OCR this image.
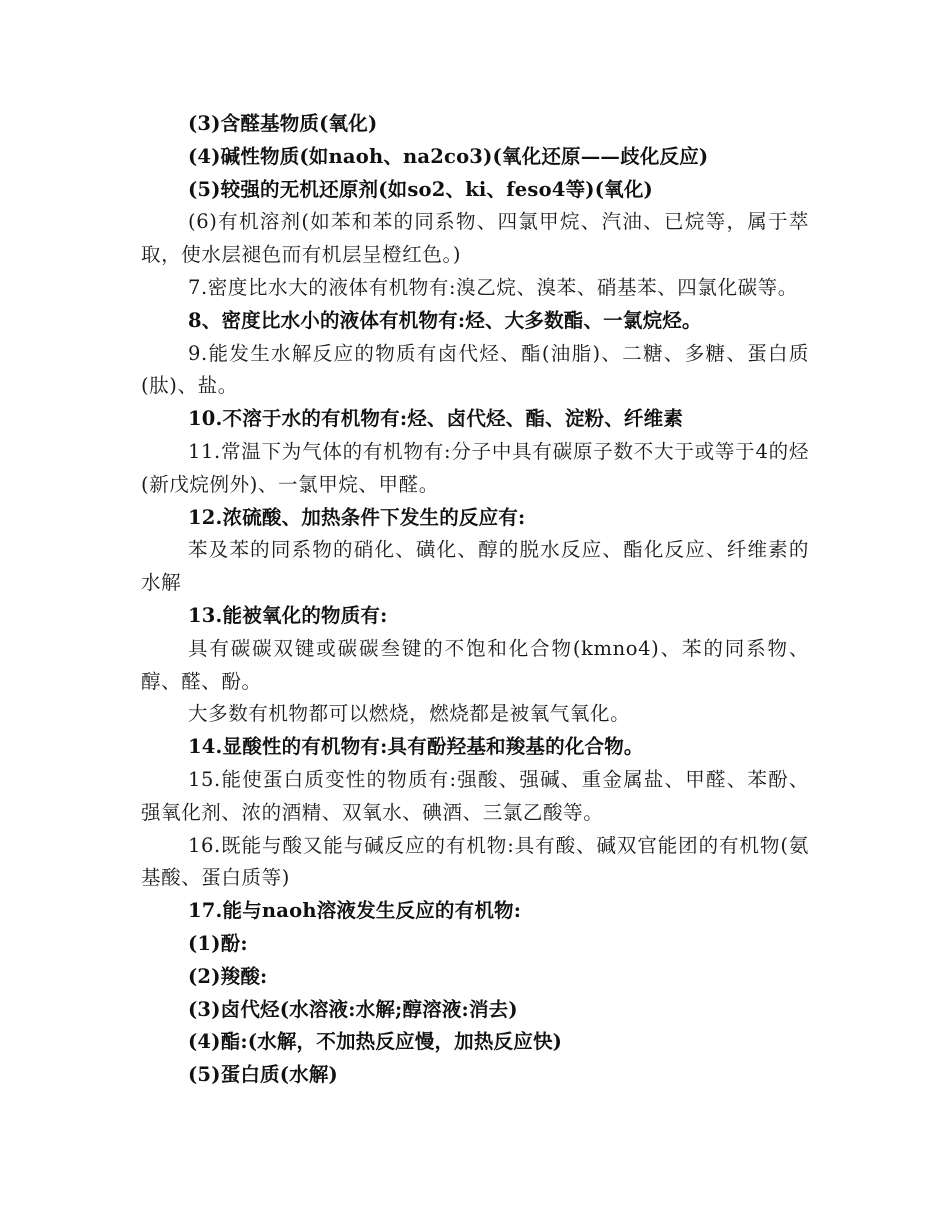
(3)含醛基物质(氧化)

(4)碱性物质(如naoh、na2co3)(氧化还原——歧化反应)

(5)较强的无机还原剂(如so2、ki、feso4等)(氧化)

(6)有机溶剂(如苯和苯的同系物、四氯甲烷、汽油、已烷等，属于萃取，使水层褪色而有机层呈橙红色。)

7.密度比水大的液体有机物有:溴乙烷、溴苯、硝基苯、四氯化碳等。

8、密度比水小的液体有机物有:烃、大多数酯、一氯烷烃。

9.能发生水解反应的物质有卤代烃、酯(油脂)、二糖、多糖、蛋白质(肽)、盐。

10.不溶于水的有机物有:烃、卤代烃、酯、淀粉、纤维素

11.常温下为气体的有机物有:分子中具有碳原子数不大于或等于4的烃(新戊烷例外)、一氯甲烷、甲醛。

12.浓硫酸、加热条件下发生的反应有:

苯及苯的同系物的硝化、磺化、醇的脱水反应、酯化反应、纤维素的水解

13.能被氧化的物质有:

具有碳碳双键或碳碳叁键的不饱和化合物(kmno4)、苯的同系物、醇、醛、酚。

大多数有机物都可以燃烧，燃烧都是被氧气氧化。

14.显酸性的有机物有:具有酚羟基和羧基的化合物。

15.能使蛋白质变性的物质有:强酸、强碱、重金属盐、甲醛、苯酚、强氧化剂、浓的酒精、双氧水、碘酒、三氯乙酸等。

16.既能与酸又能与碱反应的有机物:具有酸、碱双官能团的有机物(氨基酸、蛋白质等)

17.能与naoh溶液发生反应的有机物:

(1)酚:

(2)羧酸:

(3)卤代烃(水溶液:水解;醇溶液:消去)

(4)酯:(水解，不加热反应慢，加热反应快)

(5)蛋白质(水解)
